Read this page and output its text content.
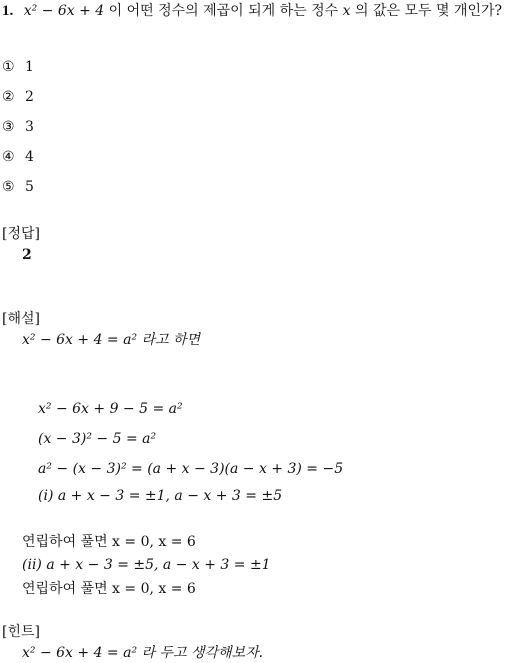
1. x² − 6x + 4 이 어떤 정수의 제곱이 되게 하는 정수 x 의 값은 모두 몇 개인가?
① 1
② 2
③ 3
④ 4
⑤ 5
[정답]
2
[해설]
x² − 6x + 4 = a² 라고 하면
x² − 6x + 9 − 5 = a²
(x − 3)² − 5 = a²
a² − (x − 3)² = (a + x − 3)(a − x + 3) = −5
(ⅰ) a + x − 3 = ±1, a − x + 3 = ±5
연립하여 풀면 x = 0, x = 6
(ⅱ) a + x − 3 = ±5, a − x + 3 = ±1
연립하여 풀면 x = 0, x = 6
[힌트]
x² − 6x + 4 = a² 라 두고 생각해보자.
